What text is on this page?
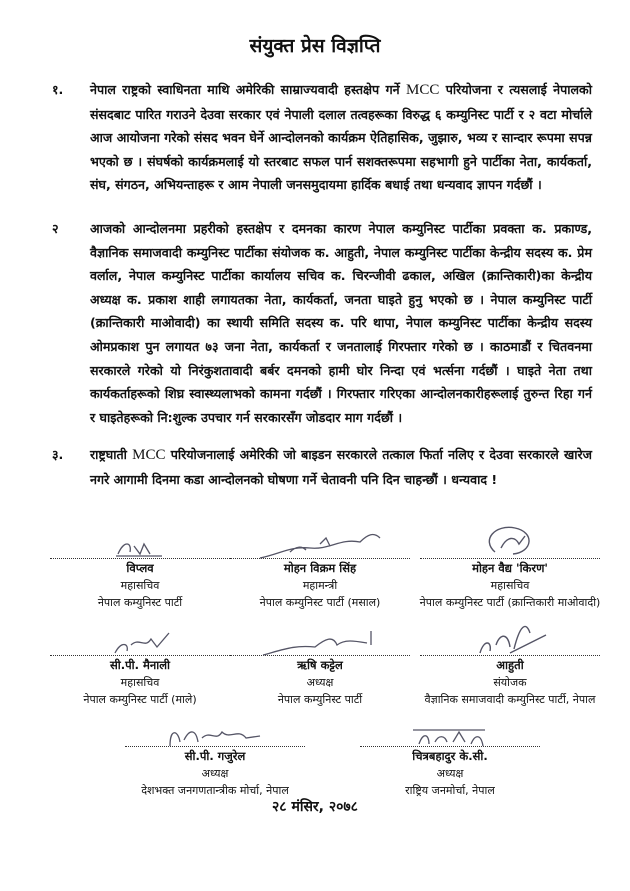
संयुक्त प्रेस विज्ञप्ति
१.	नेपाल राष्ट्रको स्वाधिनता माथि अमेरिकी साम्राज्यवादी हस्तक्षेप गर्ने MCC परियोजना र त्यसलाई नेपालको संसदबाट पारित गराउने देउवा सरकार एवं नेपाली दलाल तत्वहरूका विरुद्ध ६ कम्युनिस्ट पार्टी र २ वटा मोर्चाले आज आयोजना गरेको संसद भवन घेर्ने आन्दोलनको कार्यक्रम ऐतिहासिक, जुझारु, भव्य र सान्दार रूपमा सपन्न भएको छ । संघर्षको कार्यक्रमलाई यो स्तरबाट सफल पार्न सशक्तरूपमा सहभागी हुने पार्टीका नेता, कार्यकर्ता, संघ, संगठन, अभियन्ताहरू र आम नेपाली जनसमुदायमा हार्दिक बधाई तथा धन्यवाद ज्ञापन गर्दछौं ।
२	आजको आन्दोलनमा प्रहरीको हस्तक्षेप र दमनका कारण नेपाल कम्युनिस्ट पार्टीका प्रवक्ता क. प्रकाण्ड, वैज्ञानिक समाजवादी कम्युनिस्ट पार्टीका संयोजक क. आहुती, नेपाल कम्युनिस्ट पार्टीका केन्द्रीय सदस्य क. प्रेम वर्लाल, नेपाल कम्युनिस्ट पार्टीका कार्यालय सचिव क. चिरन्जीवी ढकाल, अखिल (क्रान्तिकारी)का केन्द्रीय अध्यक्ष क. प्रकाश शाही लगायतका नेता, कार्यकर्ता, जनता घाइते हुनु भएको छ । नेपाल कम्युनिस्ट पार्टी (क्रान्तिकारी माओवादी) का स्थायी समिति सदस्य क. परि थापा, नेपाल कम्युनिस्ट पार्टीका केन्द्रीय सदस्य ओमप्रकाश पुन लगायत ७३ जना नेता, कार्यकर्ता र जनतालाई गिरफ्तार गरेको छ । काठमाडौं र चितवनमा सरकारले गरेको यो निरंकुशतावादी बर्बर दमनको हामी घोर निन्दा एवं भर्त्सना गर्दछौं । घाइते नेता तथा कार्यकर्ताहरूको शिघ्र स्वास्थ्यलाभको कामना गर्दछौं । गिरफ्तार गरिएका आन्दोलनकारीहरूलाई तुरुन्त रिहा गर्न र घाइतेहरूको नि:शुल्क उपचार गर्न सरकारसँग जोडदार माग गर्दछौं ।
३.	राष्ट्रघाती MCC परियोजनालाई अमेरिकी जो बाइडन सरकारले तत्काल फिर्ता नलिए र देउवा सरकारले खारेज नगरे आगामी दिनमा कडा आन्दोलनको घोषणा गर्ने चेतावनी पनि दिन चाहन्छौं । धन्यवाद !
विप्लव
महासचिव
नेपाल कम्युनिस्ट पार्टी
मोहन विक्रम सिंह
महामन्त्री
नेपाल कम्युनिस्ट पार्टी (मसाल)
मोहन वैद्य 'किरण'
महासचिव
नेपाल कम्युनिस्ट पार्टी (क्रान्तिकारी माओवादी)
सी.पी. मैनाली
महासचिव
नेपाल कम्युनिस्ट पार्टी (माले)
ऋषि कट्टेल
अध्यक्ष
नेपाल कम्युनिस्ट पार्टी
आहुती
संयोजक
वैज्ञानिक समाजवादी कम्युनिस्ट पार्टी, नेपाल
सी.पी. गजुरेल
अध्यक्ष
देशभक्त जनगणतान्त्रीक मोर्चा, नेपाल
चित्रबहादुर के.सी.
अध्यक्ष
राष्ट्रिय जनमोर्चा, नेपाल
२८ मंसिर, २०७८
